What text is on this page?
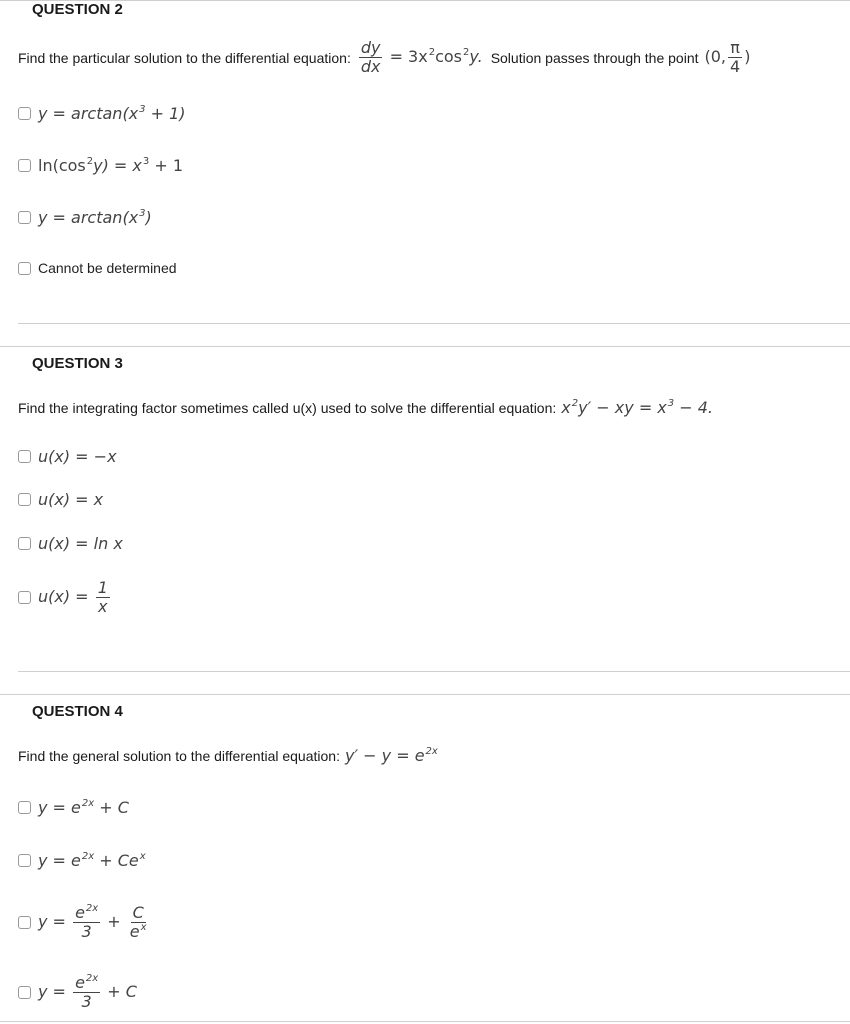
QUESTION 2
Find the particular solution to the differential equation: $\frac{dy}{dx} = 3x^2\cos^2y$. Solution passes through the point (0, $\frac{\pi}{4}$ )
$y = \arctan(x^3 + 1)$
$\ln(\cos^2y) = x^3 + 1$
$y = \arctan(x^3)$
Cannot be determined
QUESTION 3
Find the integrating factor sometimes called u(x) used to solve the differential equation: $x^2y'$ − xy = $x^3 - 4$.
u(x) = −x
u(x) = x
u(x) = ln x
$u(x) = \frac{1}{x}$
QUESTION 4
Find the general solution to the differential equation: $y' - y = e^{2x}$
$y = e^{2x} + C$
$y = e^{2x} + Ce^x$
$y = \frac{e^{2x}}{3} + \frac{C}{e^x}$
$y = \frac{e^{2x}}{3} + C$
